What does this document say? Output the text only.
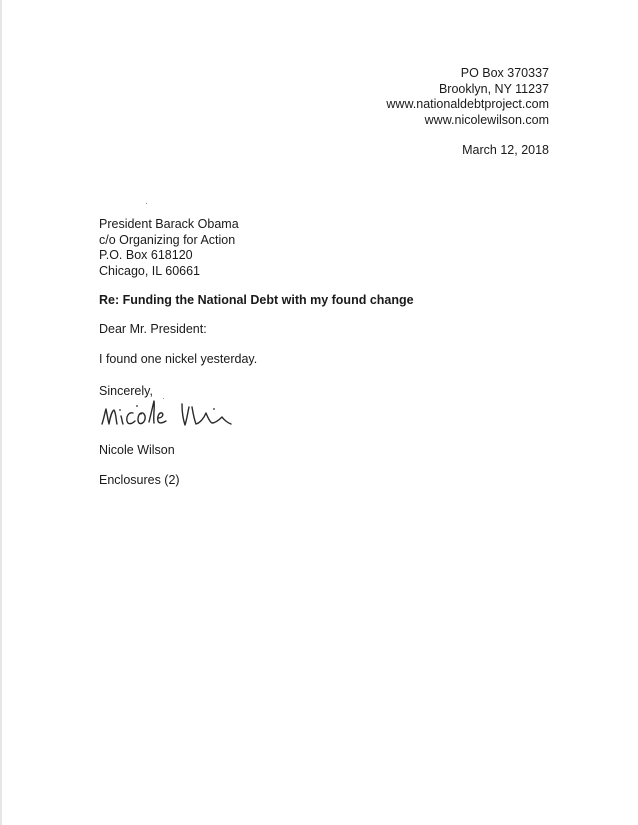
PO Box 370337
Brooklyn, NY 11237
www.nationaldebtproject.com
www.nicolewilson.com
March 12, 2018
President Barack Obama
c/o Organizing for Action
P.O. Box 618120
Chicago, IL 60661
Re: Funding the National Debt with my found change
Dear Mr. President:
I found one nickel yesterday.
Sincerely,
Nicole Wi
Nicole Wilson
Enclosures (2)
